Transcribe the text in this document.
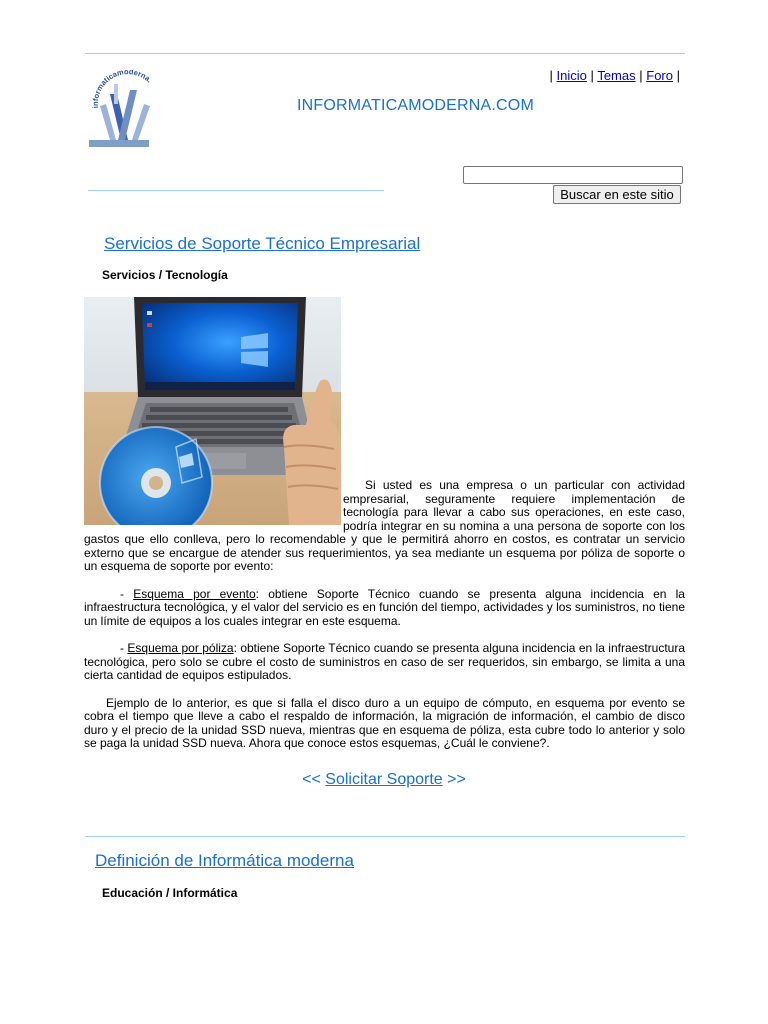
informaticamoderna.	| Inicio | Temas | Foro |
INFORMATICAMODERNA.COM
Buscar en este sitio
Servicios de Soporte Técnico Empresarial
Servicios / Tecnología

Si usted es una empresa o un particular con actividad empresarial, seguramente requiere implementación de tecnología para llevar a cabo sus operaciones, en este caso, podría integrar en su nomina a una persona de soporte con los gastos que ello conlleva, pero lo recomendable y que le permitirá ahorro en costos, es contratar un servicio externo que se encargue de atender sus requerimientos, ya sea mediante un esquema por póliza de soporte o un esquema de soporte por evento:

- Esquema por evento: obtiene Soporte Técnico cuando se presenta alguna incidencia en la infraestructura tecnológica, y el valor del servicio es en función del tiempo, actividades y los suministros, no tiene un límite de equipos a los cuales integrar en este esquema.

- Esquema por póliza: obtiene Soporte Técnico cuando se presenta alguna incidencia en la infraestructura tecnológica, pero solo se cubre el costo de suministros en caso de ser requeridos, sin embargo, se limita a una cierta cantidad de equipos estipulados.

Ejemplo de lo anterior, es que si falla el disco duro a un equipo de cómputo, en esquema por evento se cobra el tiempo que lleve a cabo el respaldo de información, la migración de información, el cambio de disco duro y el precio de la unidad SSD nueva, mientras que en esquema de póliza, esta cubre todo lo anterior y solo se paga la unidad SSD nueva. Ahora que conoce estos esquemas, ¿Cuál le conviene?.

<< Solicitar Soporte >>
Definición de Informática moderna
Educación / Informática
